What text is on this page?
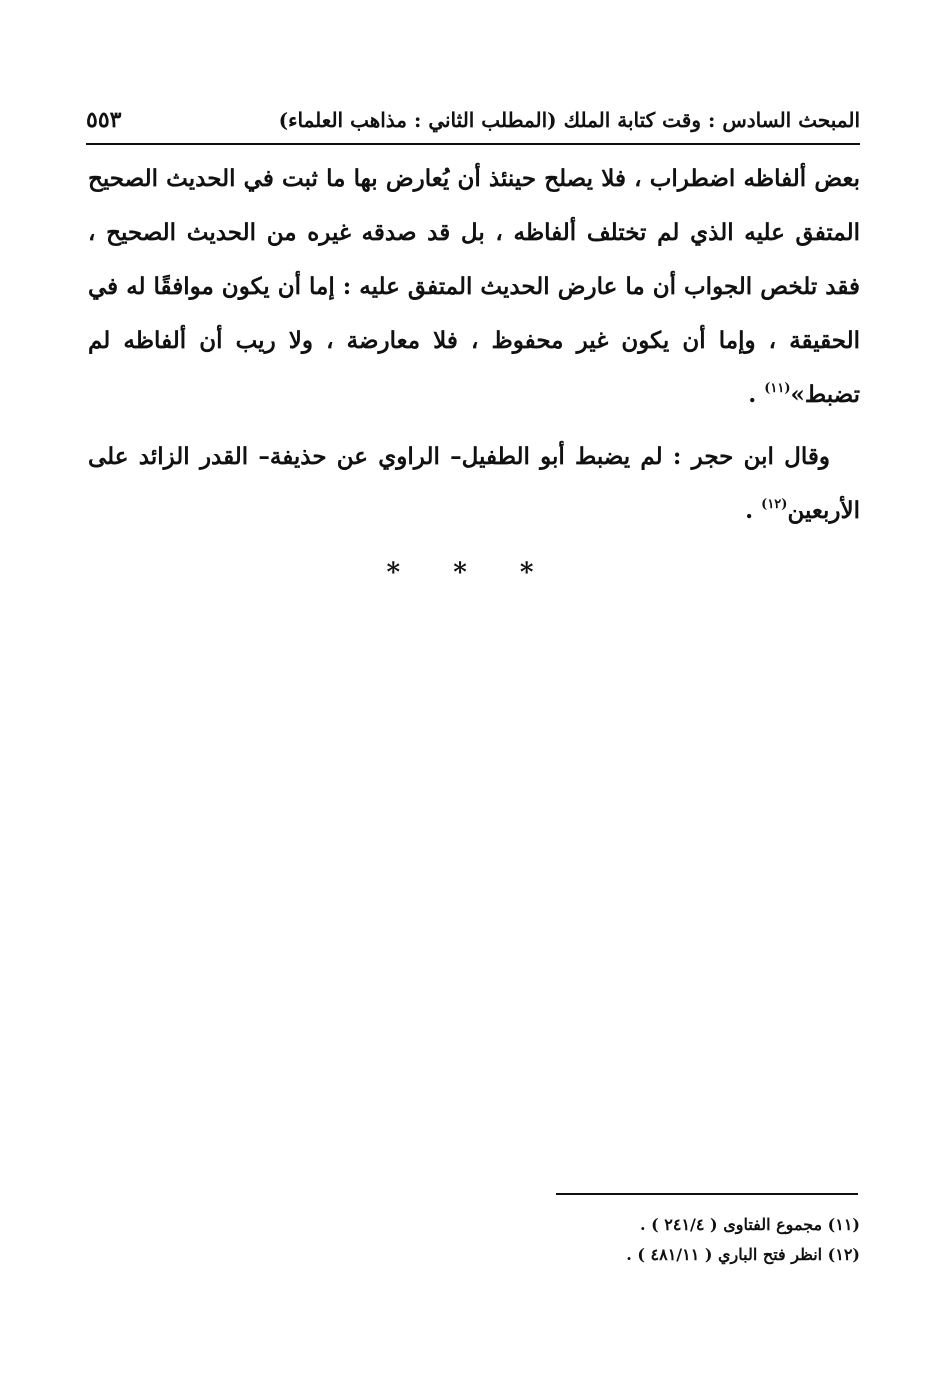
٥٥٣	المبحث السادس : وقت كتابة الملك (المطلب الثاني : مذاهب العلماء)

بعض ألفاظه اضطراب ، فلا يصلح حينئذ أن يُعارض بها ما ثبت في الحديث الصحيح المتفق عليه الذي لم تختلف ألفاظه ، بل قد صدقه غيره من الحديث الصحيح ، فقد تلخص الجواب أن ما عارض الحديث المتفق عليه : إما أن يكون موافقًا له في الحقيقة ، وإما أن يكون غير محفوظ ، فلا معارضة ، ولا ريب أن ألفاظه لم تضبط»$^{(١١)}$ .

وقال ابن حجر : لم يضبط أبو الطفيل– الراوي عن حذيفة– القدر الزائد على الأربعين$^{(١٢)}$ .

* * *
(١١) مجموع الفتاوى ( ٢٤١/٤ ) .
(١٢) انظر فتح الباري ( ٤٨١/١١ ) .
